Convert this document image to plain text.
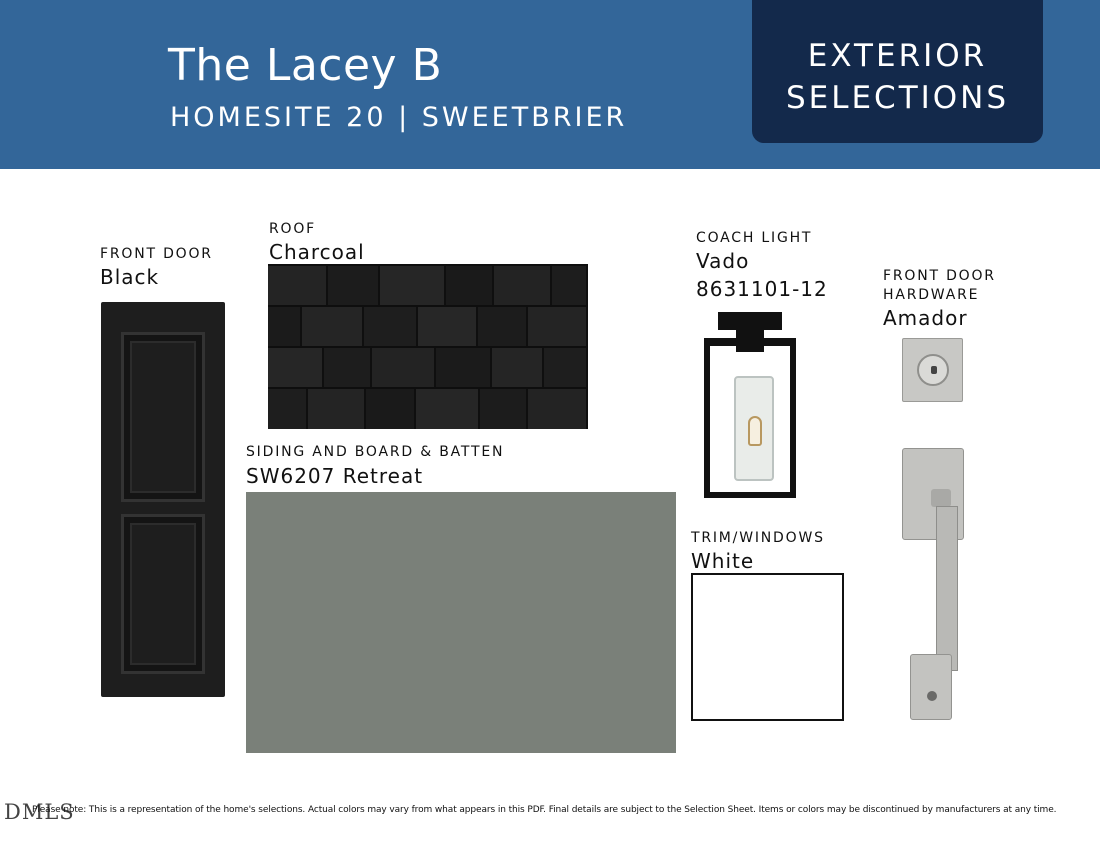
The Lacey B
HOMESITE 20 | SWEETBRIER
EXTERIOR
SELECTIONS
FRONT DOOR
Black
ROOF
Charcoal
SIDING AND BOARD & BATTEN
SW6207 Retreat
COACH LIGHT
Vado
8631101-12
TRIM/WINDOWS
White
FRONT DOOR
HARDWARE
Amador
DMLS
Please note: This is a representation of the home's selections. Actual colors may vary from what appears in this PDF. Final details are subject to the Selection Sheet. Items or colors may be discontinued by manufacturers at any time.
